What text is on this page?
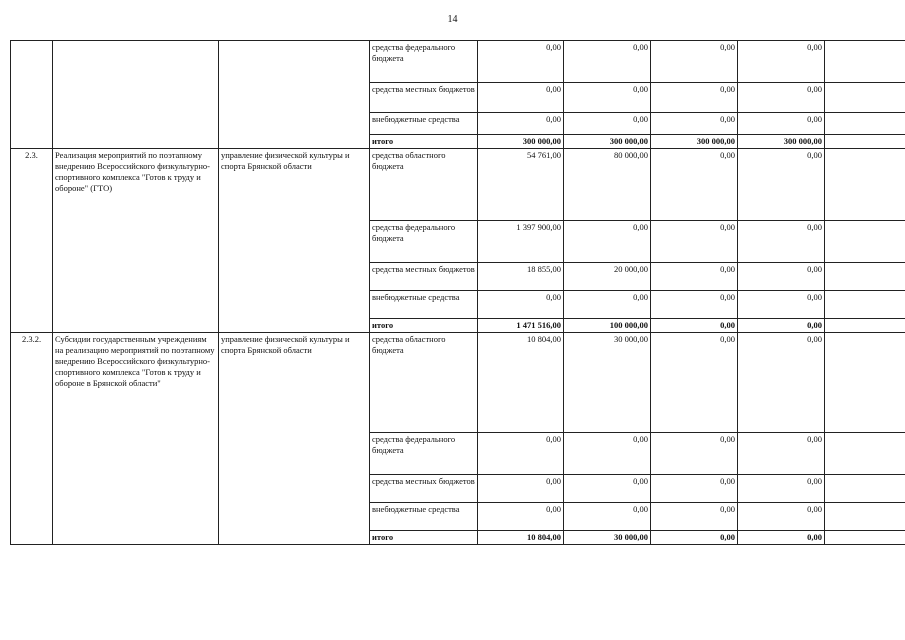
14
			средства федерального бюджета	0,00	0,00	0,00	0,00	
			средства местных бюджетов	0,00	0,00	0,00	0,00	
			внебюджетные средства	0,00	0,00	0,00	0,00	
			итого	300 000,00	300 000,00	300 000,00	300 000,00	
2.3.	Реализация мероприятий по поэтапному внедрению Всероссийского физкультурно-спортивного комплекса "Готов к труду и обороне" (ГТО)	управление физической культуры и спорта Брянской области	средства областного бюджета	54 761,00	80 000,00	0,00	0,00	
			средства федерального бюджета	1 397 900,00	0,00	0,00	0,00	
			средства местных бюджетов	18 855,00	20 000,00	0,00	0,00	
			внебюджетные средства	0,00	0,00	0,00	0,00	
			итого	1 471 516,00	100 000,00	0,00	0,00	
2.3.2.	Субсидии государственным учреждениям на реализацию мероприятий по поэтапному внедрению Всероссийского физкультурно-спортивного комплекса "Готов к труду и обороне в Брянской области"	управление физической культуры и спорта Брянской области	средства областного бюджета	10 804,00	30 000,00	0,00	0,00	
			средства федерального бюджета	0,00	0,00	0,00	0,00	
			средства местных бюджетов	0,00	0,00	0,00	0,00	
			внебюджетные средства	0,00	0,00	0,00	0,00	
			итого	10 804,00	30 000,00	0,00	0,00	
